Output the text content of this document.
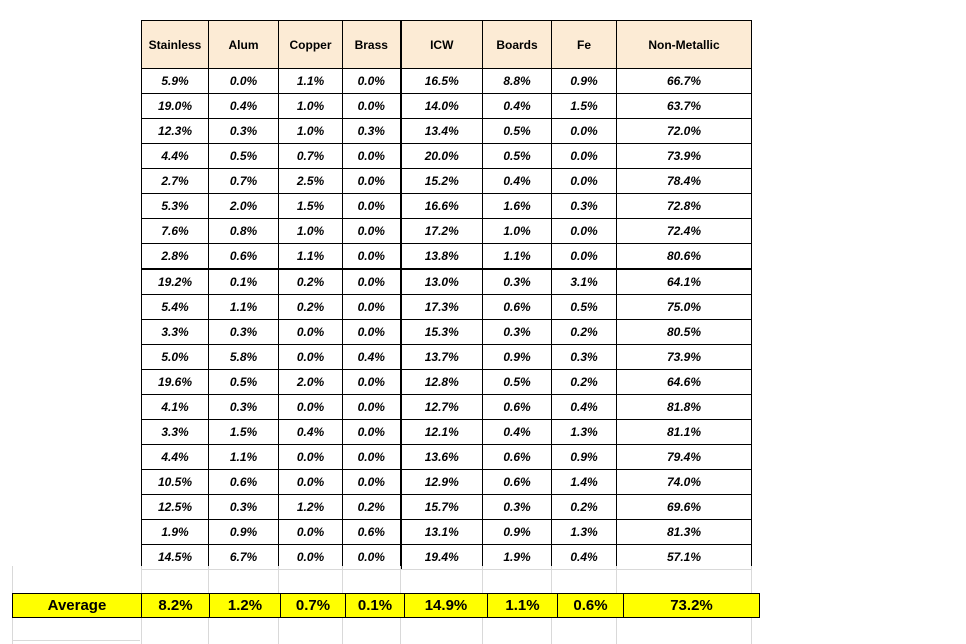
Stainless	Alum	Copper	Brass	ICW	Boards	Fe	Non-Metallic
5.9%	0.0%	1.1%	0.0%	16.5%	8.8%	0.9%	66.7%
19.0%	0.4%	1.0%	0.0%	14.0%	0.4%	1.5%	63.7%
12.3%	0.3%	1.0%	0.3%	13.4%	0.5%	0.0%	72.0%
4.4%	0.5%	0.7%	0.0%	20.0%	0.5%	0.0%	73.9%
2.7%	0.7%	2.5%	0.0%	15.2%	0.4%	0.0%	78.4%
5.3%	2.0%	1.5%	0.0%	16.6%	1.6%	0.3%	72.8%
7.6%	0.8%	1.0%	0.0%	17.2%	1.0%	0.0%	72.4%
2.8%	0.6%	1.1%	0.0%	13.8%	1.1%	0.0%	80.6%
19.2%	0.1%	0.2%	0.0%	13.0%	0.3%	3.1%	64.1%
5.4%	1.1%	0.2%	0.0%	17.3%	0.6%	0.5%	75.0%
3.3%	0.3%	0.0%	0.0%	15.3%	0.3%	0.2%	80.5%
5.0%	5.8%	0.0%	0.4%	13.7%	0.9%	0.3%	73.9%
19.6%	0.5%	2.0%	0.0%	12.8%	0.5%	0.2%	64.6%
4.1%	0.3%	0.0%	0.0%	12.7%	0.6%	0.4%	81.8%
3.3%	1.5%	0.4%	0.0%	12.1%	0.4%	1.3%	81.1%
4.4%	1.1%	0.0%	0.0%	13.6%	0.6%	0.9%	79.4%
10.5%	0.6%	0.0%	0.0%	12.9%	0.6%	1.4%	74.0%
12.5%	0.3%	1.2%	0.2%	15.7%	0.3%	0.2%	69.6%
1.9%	0.9%	0.0%	0.6%	13.1%	0.9%	1.3%	81.3%
14.5%	6.7%	0.0%	0.0%	19.4%	1.9%	0.4%	57.1%
Average	8.2%	1.2%	0.7%	0.1%	14.9%	1.1%	0.6%	73.2%
